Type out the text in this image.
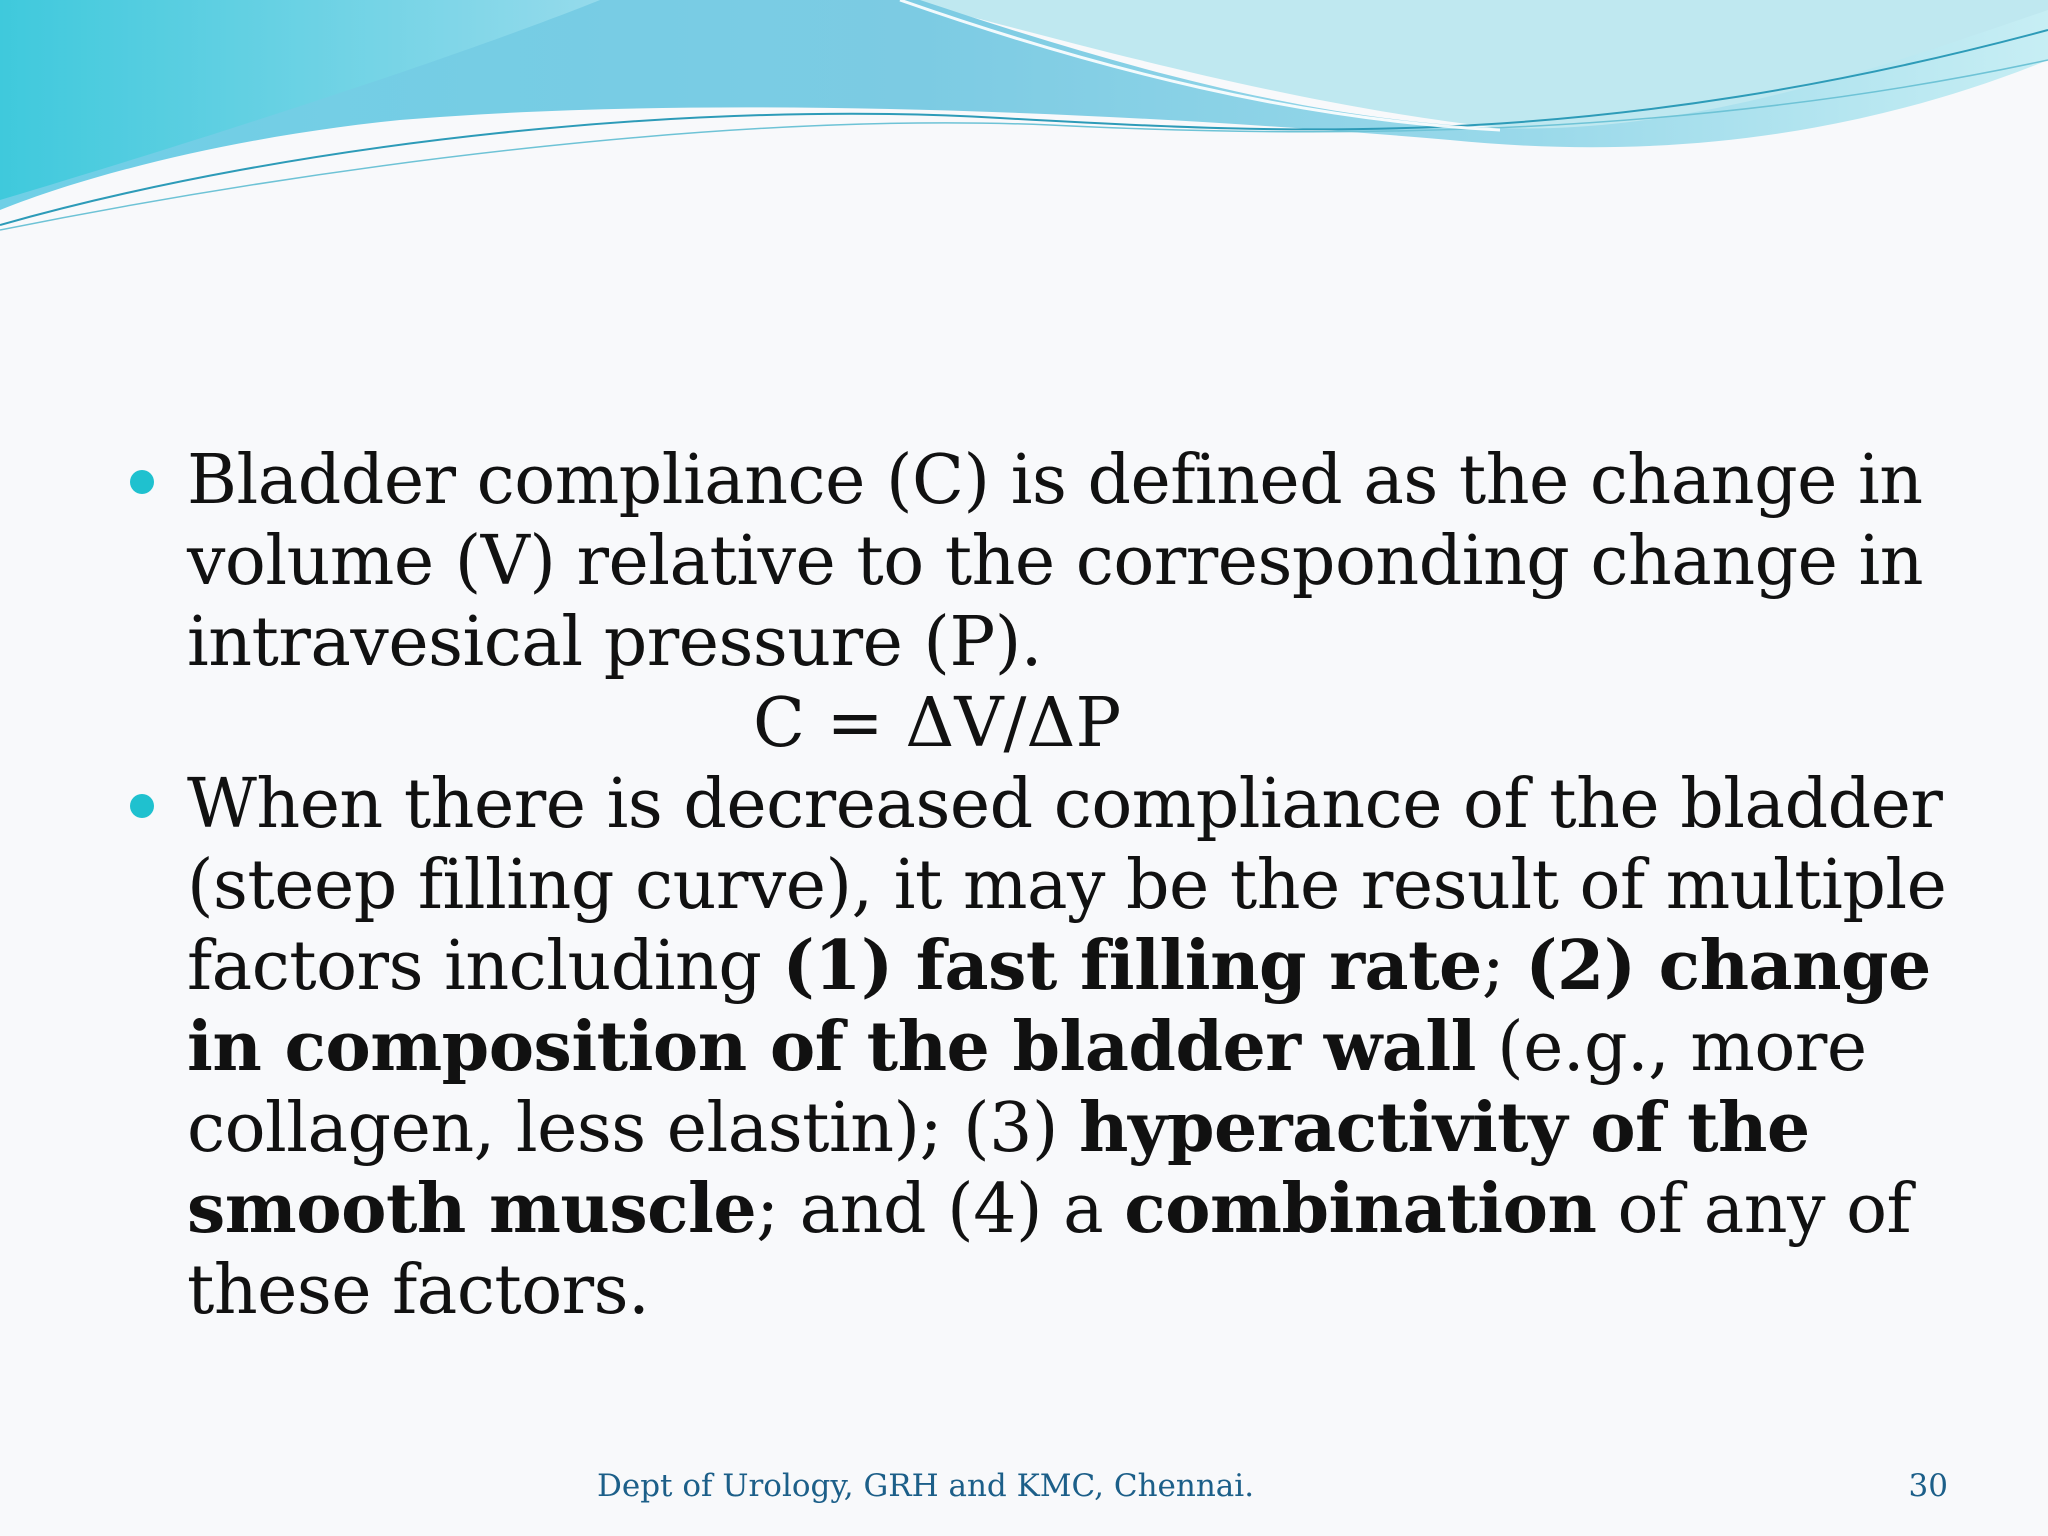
Bladder compliance (C) is defined as the change in volume (V) relative to the corresponding change in intravesical pressure (P).

C = ΔV/ΔP

When there is decreased compliance of the bladder (steep filling curve), it may be the result of multiple factors including (1) fast filling rate; (2) change in composition of the bladder wall (e.g., more collagen, less elastin); (3) hyperactivity of the smooth muscle; and (4) a combination of any of these factors.
Dept of Urology, GRH and KMC, Chennai.	30
